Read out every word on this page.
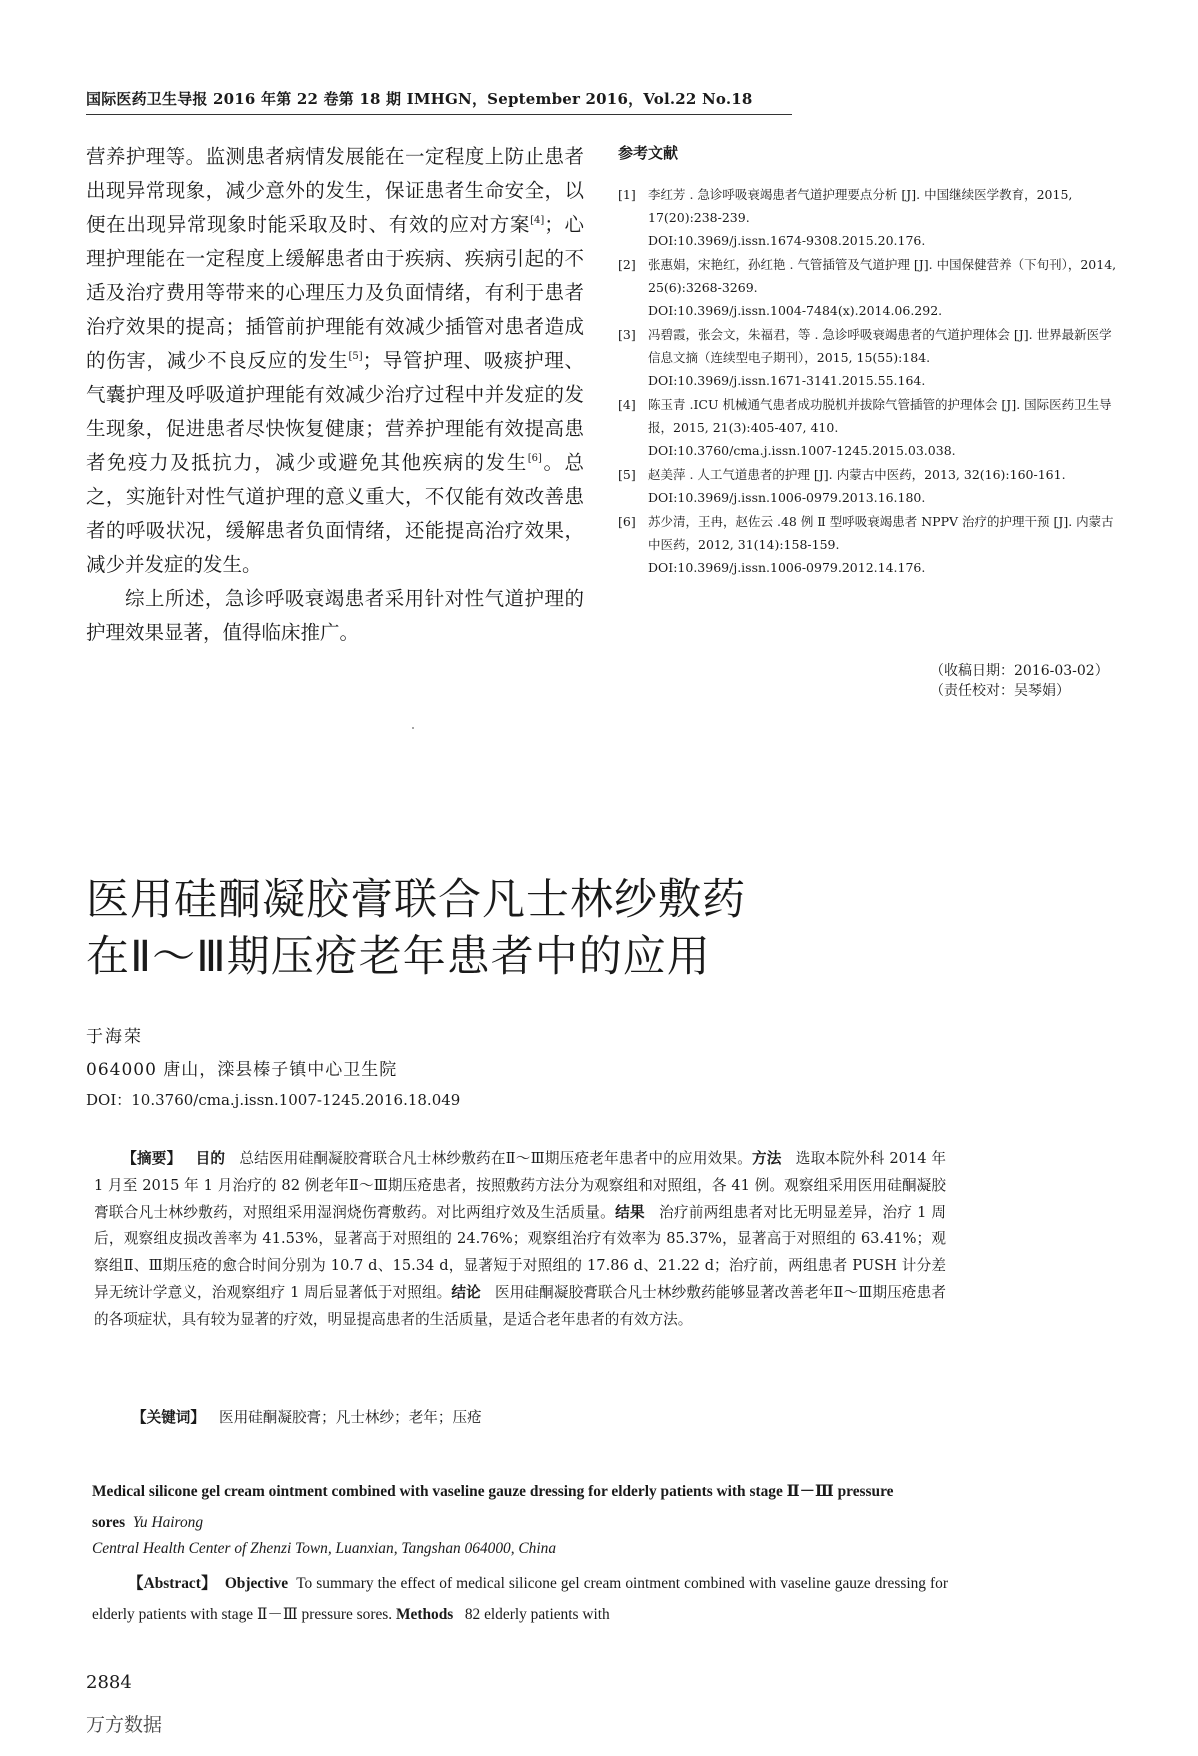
国际医药卫生导报 2016 年第 22 卷第 18 期 IMHGN，September 2016，Vol.22 No.18

营养护理等。监测患者病情发展能在一定程度上防止患者出现异常现象，减少意外的发生，保证患者生命安全，以便在出现异常现象时能采取及时、有效的应对方案[4]；心理护理能在一定程度上缓解患者由于疾病、疾病引起的不适及治疗费用等带来的心理压力及负面情绪，有利于患者治疗效果的提高；插管前护理能有效减少插管对患者造成的伤害，减少不良反应的发生[5]；导管护理、吸痰护理、气囊护理及呼吸道护理能有效减少治疗过程中并发症的发生现象，促进患者尽快恢复健康；营养护理能有效提高患者免疫力及抵抗力，减少或避免其他疾病的发生[6]。总之，实施针对性气道护理的意义重大，不仅能有效改善患者的呼吸状况，缓解患者负面情绪，还能提高治疗效果，减少并发症的发生。

综上所述，急诊呼吸衰竭患者采用针对性气道护理的护理效果显著，值得临床推广。

参考文献
[1] 李红芳 . 急诊呼吸衰竭患者气道护理要点分析 [J]. 中国继续医学教育，2015, 17(20):238-239.
DOI:10.3969/j.issn.1674-9308.2015.20.176.
[2] 张惠娟，宋艳红，孙红艳 . 气管插管及气道护理 [J]. 中国保健营养（下旬刊），2014, 25(6):3268-3269.
DOI:10.3969/j.issn.1004-7484(x).2014.06.292.
[3] 冯碧霞，张会文，朱福君，等 . 急诊呼吸衰竭患者的气道护理体会 [J]. 世界最新医学信息文摘（连续型电子期刊），2015, 15(55):184.
DOI:10.3969/j.issn.1671-3141.2015.55.164.
[4] 陈玉青 .ICU 机械通气患者成功脱机并拔除气管插管的护理体会 [J]. 国际医药卫生导报，2015, 21(3):405-407, 410.
DOI:10.3760/cma.j.issn.1007-1245.2015.03.038.
[5] 赵美萍 . 人工气道患者的护理 [J]. 内蒙古中医药，2013, 32(16):160-161.
DOI:10.3969/j.issn.1006-0979.2013.16.180.
[6] 苏少清，王冉，赵佐云 .48 例 Ⅱ 型呼吸衰竭患者 NPPV 治疗的护理干预 [J]. 内蒙古中医药，2012, 31(14):158-159.
DOI:10.3969/j.issn.1006-0979.2012.14.176.
（收稿日期：2016-03-02）
（责任校对：吴琴娟）
医用硅酮凝胶膏联合凡士林纱敷药
在Ⅱ～Ⅲ期压疮老年患者中的应用
于海荣
064000 唐山，滦县榛子镇中心卫生院
DOI：10.3760/cma.j.issn.1007-1245.2016.18.049

【摘要】 目的 总结医用硅酮凝胶膏联合凡士林纱敷药在Ⅱ～Ⅲ期压疮老年患者中的应用效果。方法 选取本院外科 2014 年 1 月至 2015 年 1 月治疗的 82 例老年Ⅱ～Ⅲ期压疮患者，按照敷药方法分为观察组和对照组，各 41 例。观察组采用医用硅酮凝胶膏联合凡士林纱敷药，对照组采用湿润烧伤膏敷药。对比两组疗效及生活质量。结果 治疗前两组患者对比无明显差异，治疗 1 周后，观察组皮损改善率为 41.53%，显著高于对照组的 24.76%；观察组治疗有效率为 85.37%，显著高于对照组的 63.41%；观察组Ⅱ、Ⅲ期压疮的愈合时间分别为 10.7 d、15.34 d，显著短于对照组的 17.86 d、21.22 d；治疗前，两组患者 PUSH 计分差异无统计学意义，治观察组疗 1 周后显著低于对照组。结论 医用硅酮凝胶膏联合凡士林纱敷药能够显著改善老年Ⅱ～Ⅲ期压疮患者的各项症状，具有较为显著的疗效，明显提高患者的生活质量，是适合老年患者的有效方法。

【关键词】 医用硅酮凝胶膏；凡士林纱；老年；压疮
Medical silicone gel cream ointment combined with vaseline gauze dressing for elderly patients with stage Ⅱ－Ⅲ pressure sores Yu Hairong
Central Health Center of Zhenzi Town, Luanxian, Tangshan 064000, China
【Abstract】 Objective To summary the effect of medical silicone gel cream ointment combined with vaseline gauze dressing for elderly patients with stage Ⅱ－Ⅲ pressure sores. Methods 82 elderly patients with
2884
万方数据
